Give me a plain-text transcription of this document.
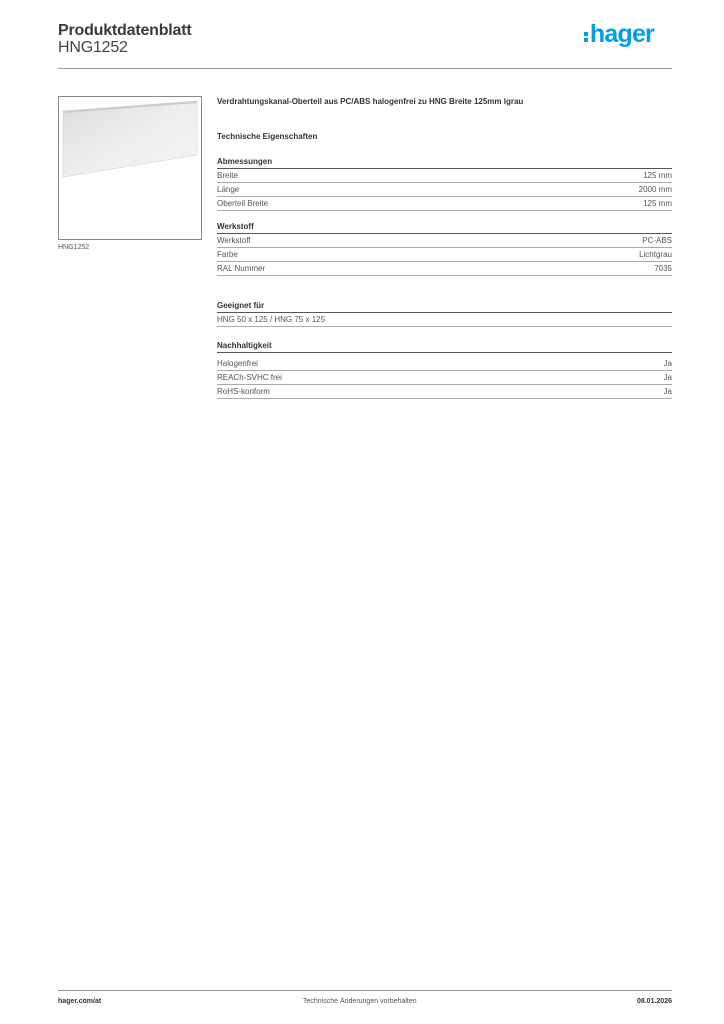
Produktdatenblatt
HNG1252	hager
HNG1252
Verdrahtungskanal-Oberteil aus PC/ABS halogenfrei zu HNG Breite 125mm lgrau
Technische Eigenschaften
Abmessungen
Breite	125 mm
Länge	2000 mm
Oberteil Breite	125 mm
Werkstoff
Werkstoff	PC-ABS
Farbe	Lichtgrau
RAL Nummer	7035
Geeignet für
HNG 50 x 125 / HNG 75 x 125
Nachhaltigkeit
Halogenfrei	Ja
REACh-SVHC frei	Ja
RoHS-konform	Ja
hager.com/at	Technische Änderungen vorbehalten	08.01.2026
